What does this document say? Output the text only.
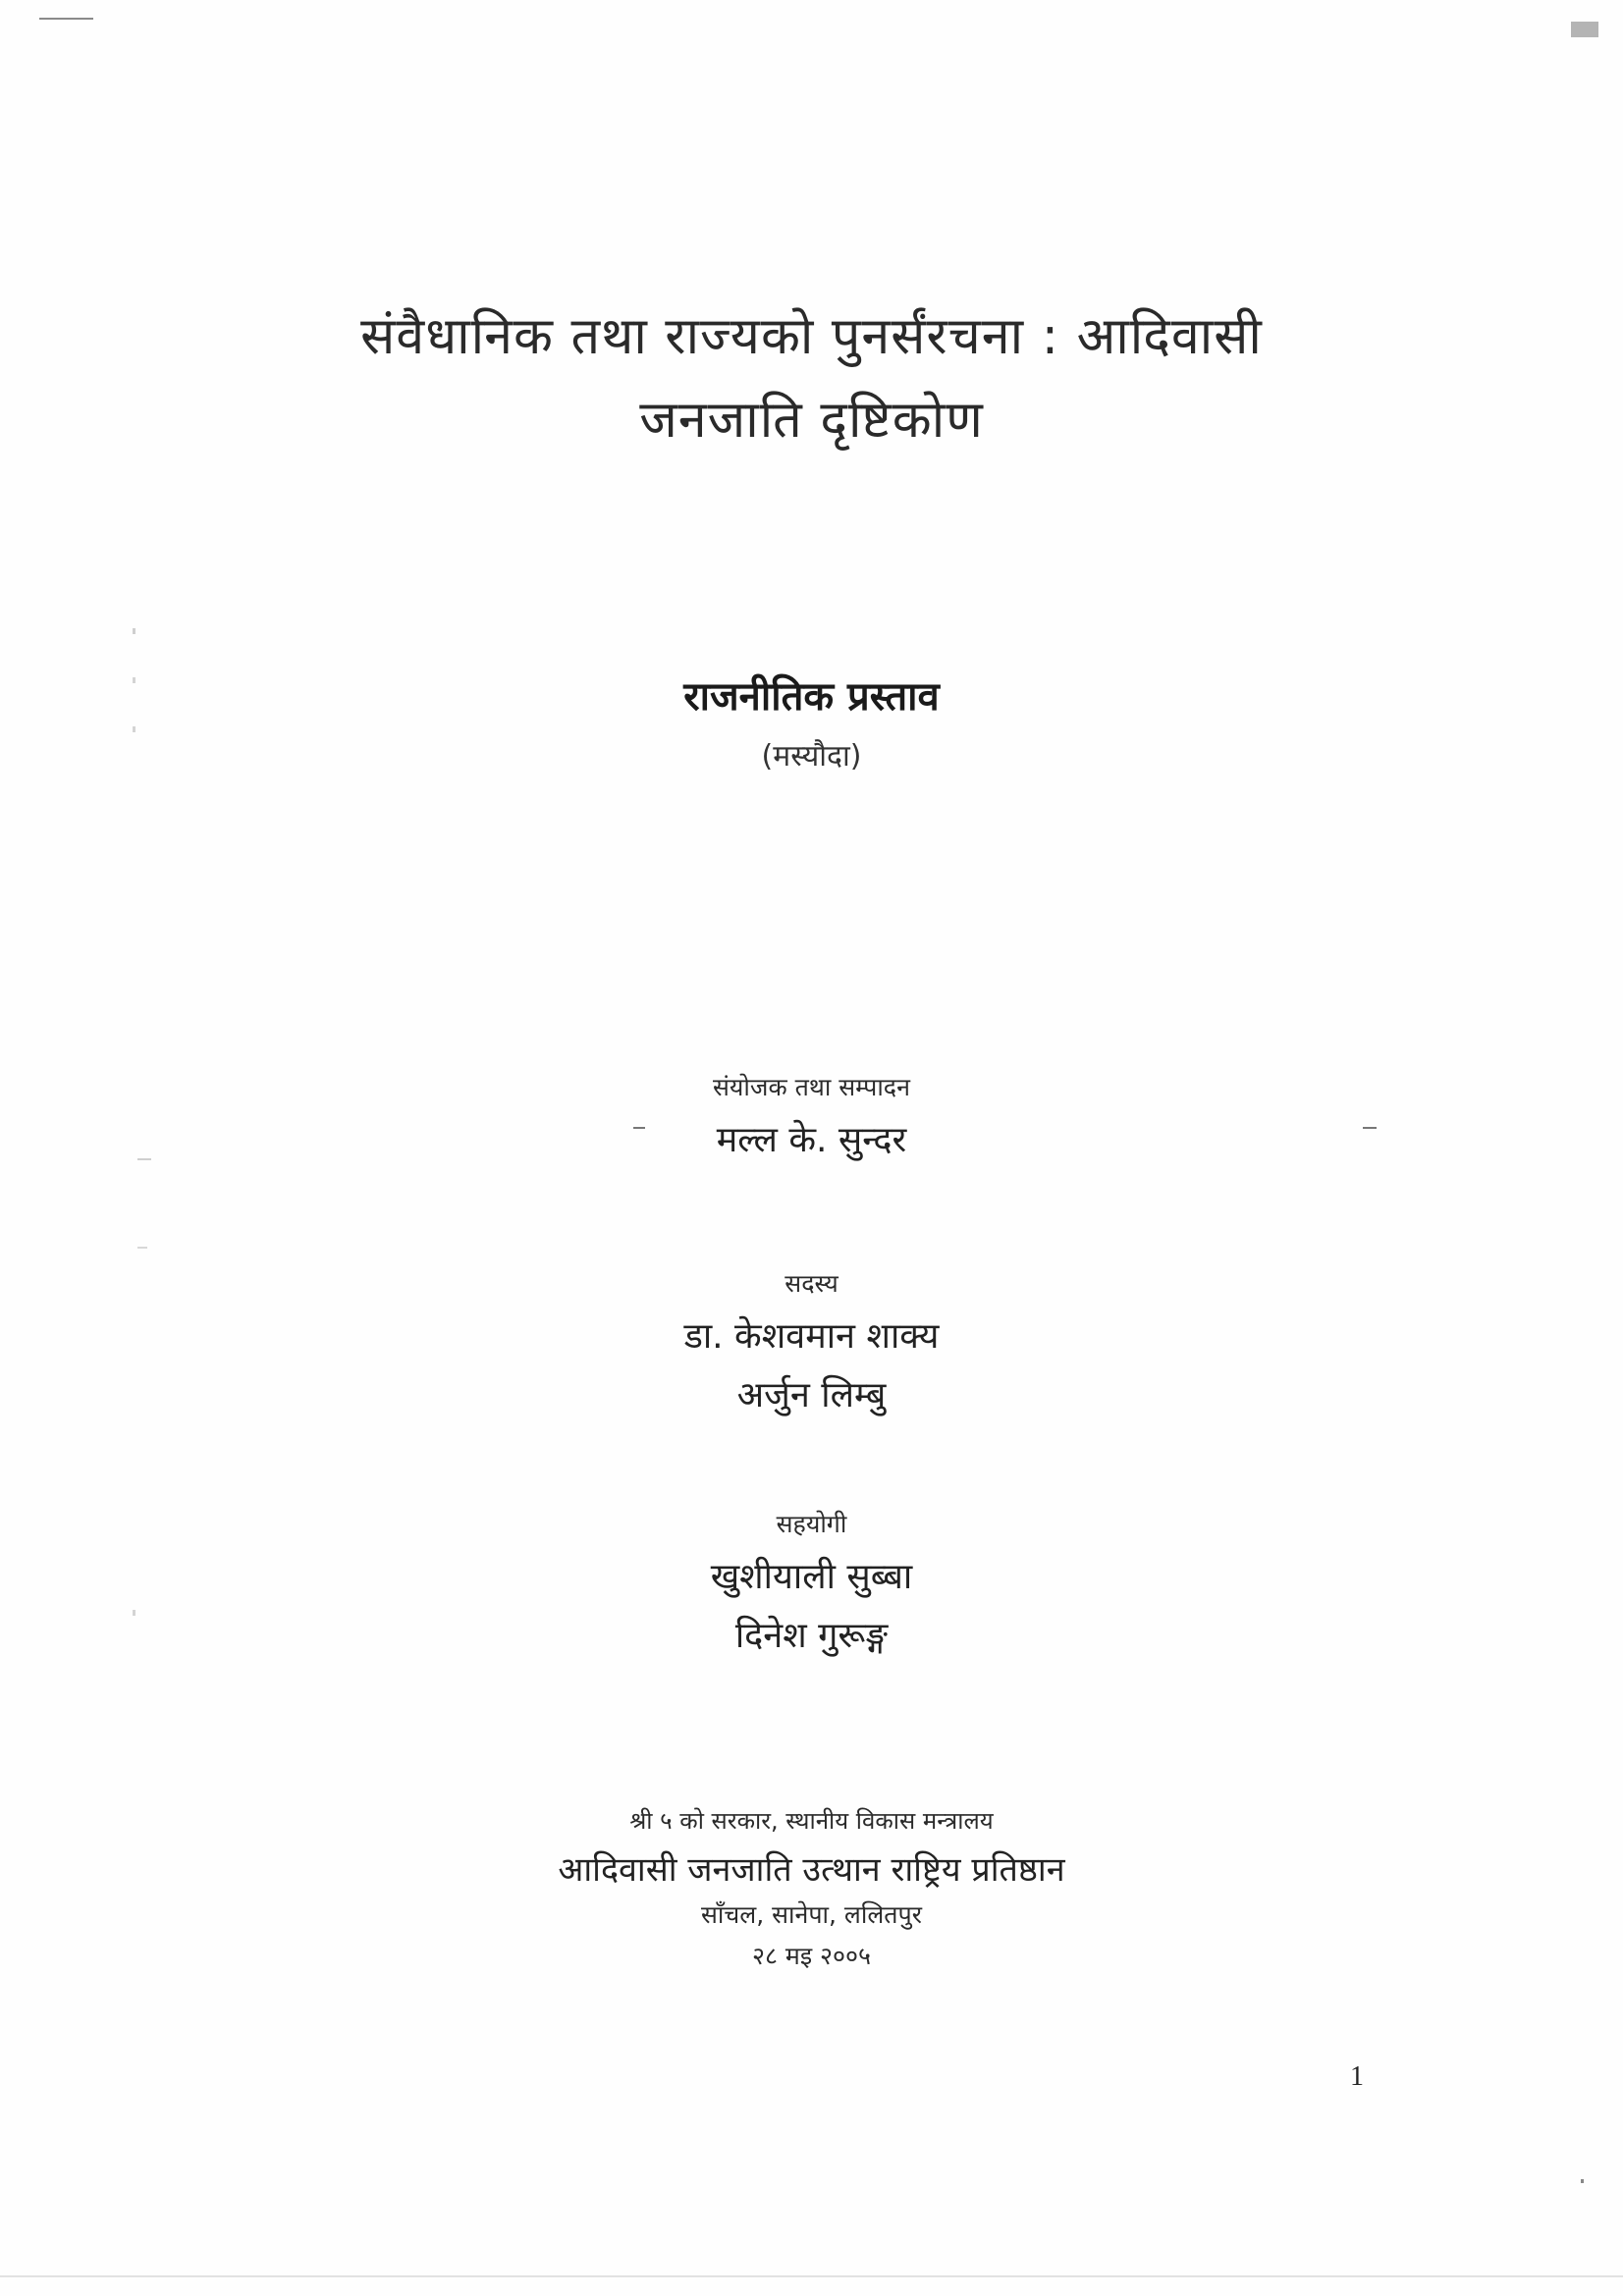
संवैधानिक तथा राज्यको पुनर्संरचना : आदिवासी
जनजाति दृष्टिकोण
राजनीतिक प्रस्ताव
(मस्यौदा)
संयोजक तथा सम्पादन
मल्ल के. सुन्दर
सदस्य
डा. केशवमान शाक्य
अर्जुन लिम्बु
सहयोगी
खुशीयाली सुब्बा
दिनेश गुरूङ्ग
श्री ५ को सरकार, स्थानीय विकास मन्त्रालय
आदिवासी जनजाति उत्थान राष्ट्रिय प्रतिष्ठान
साँचल, सानेपा, ललितपुर
२८ मइ २००५
1
